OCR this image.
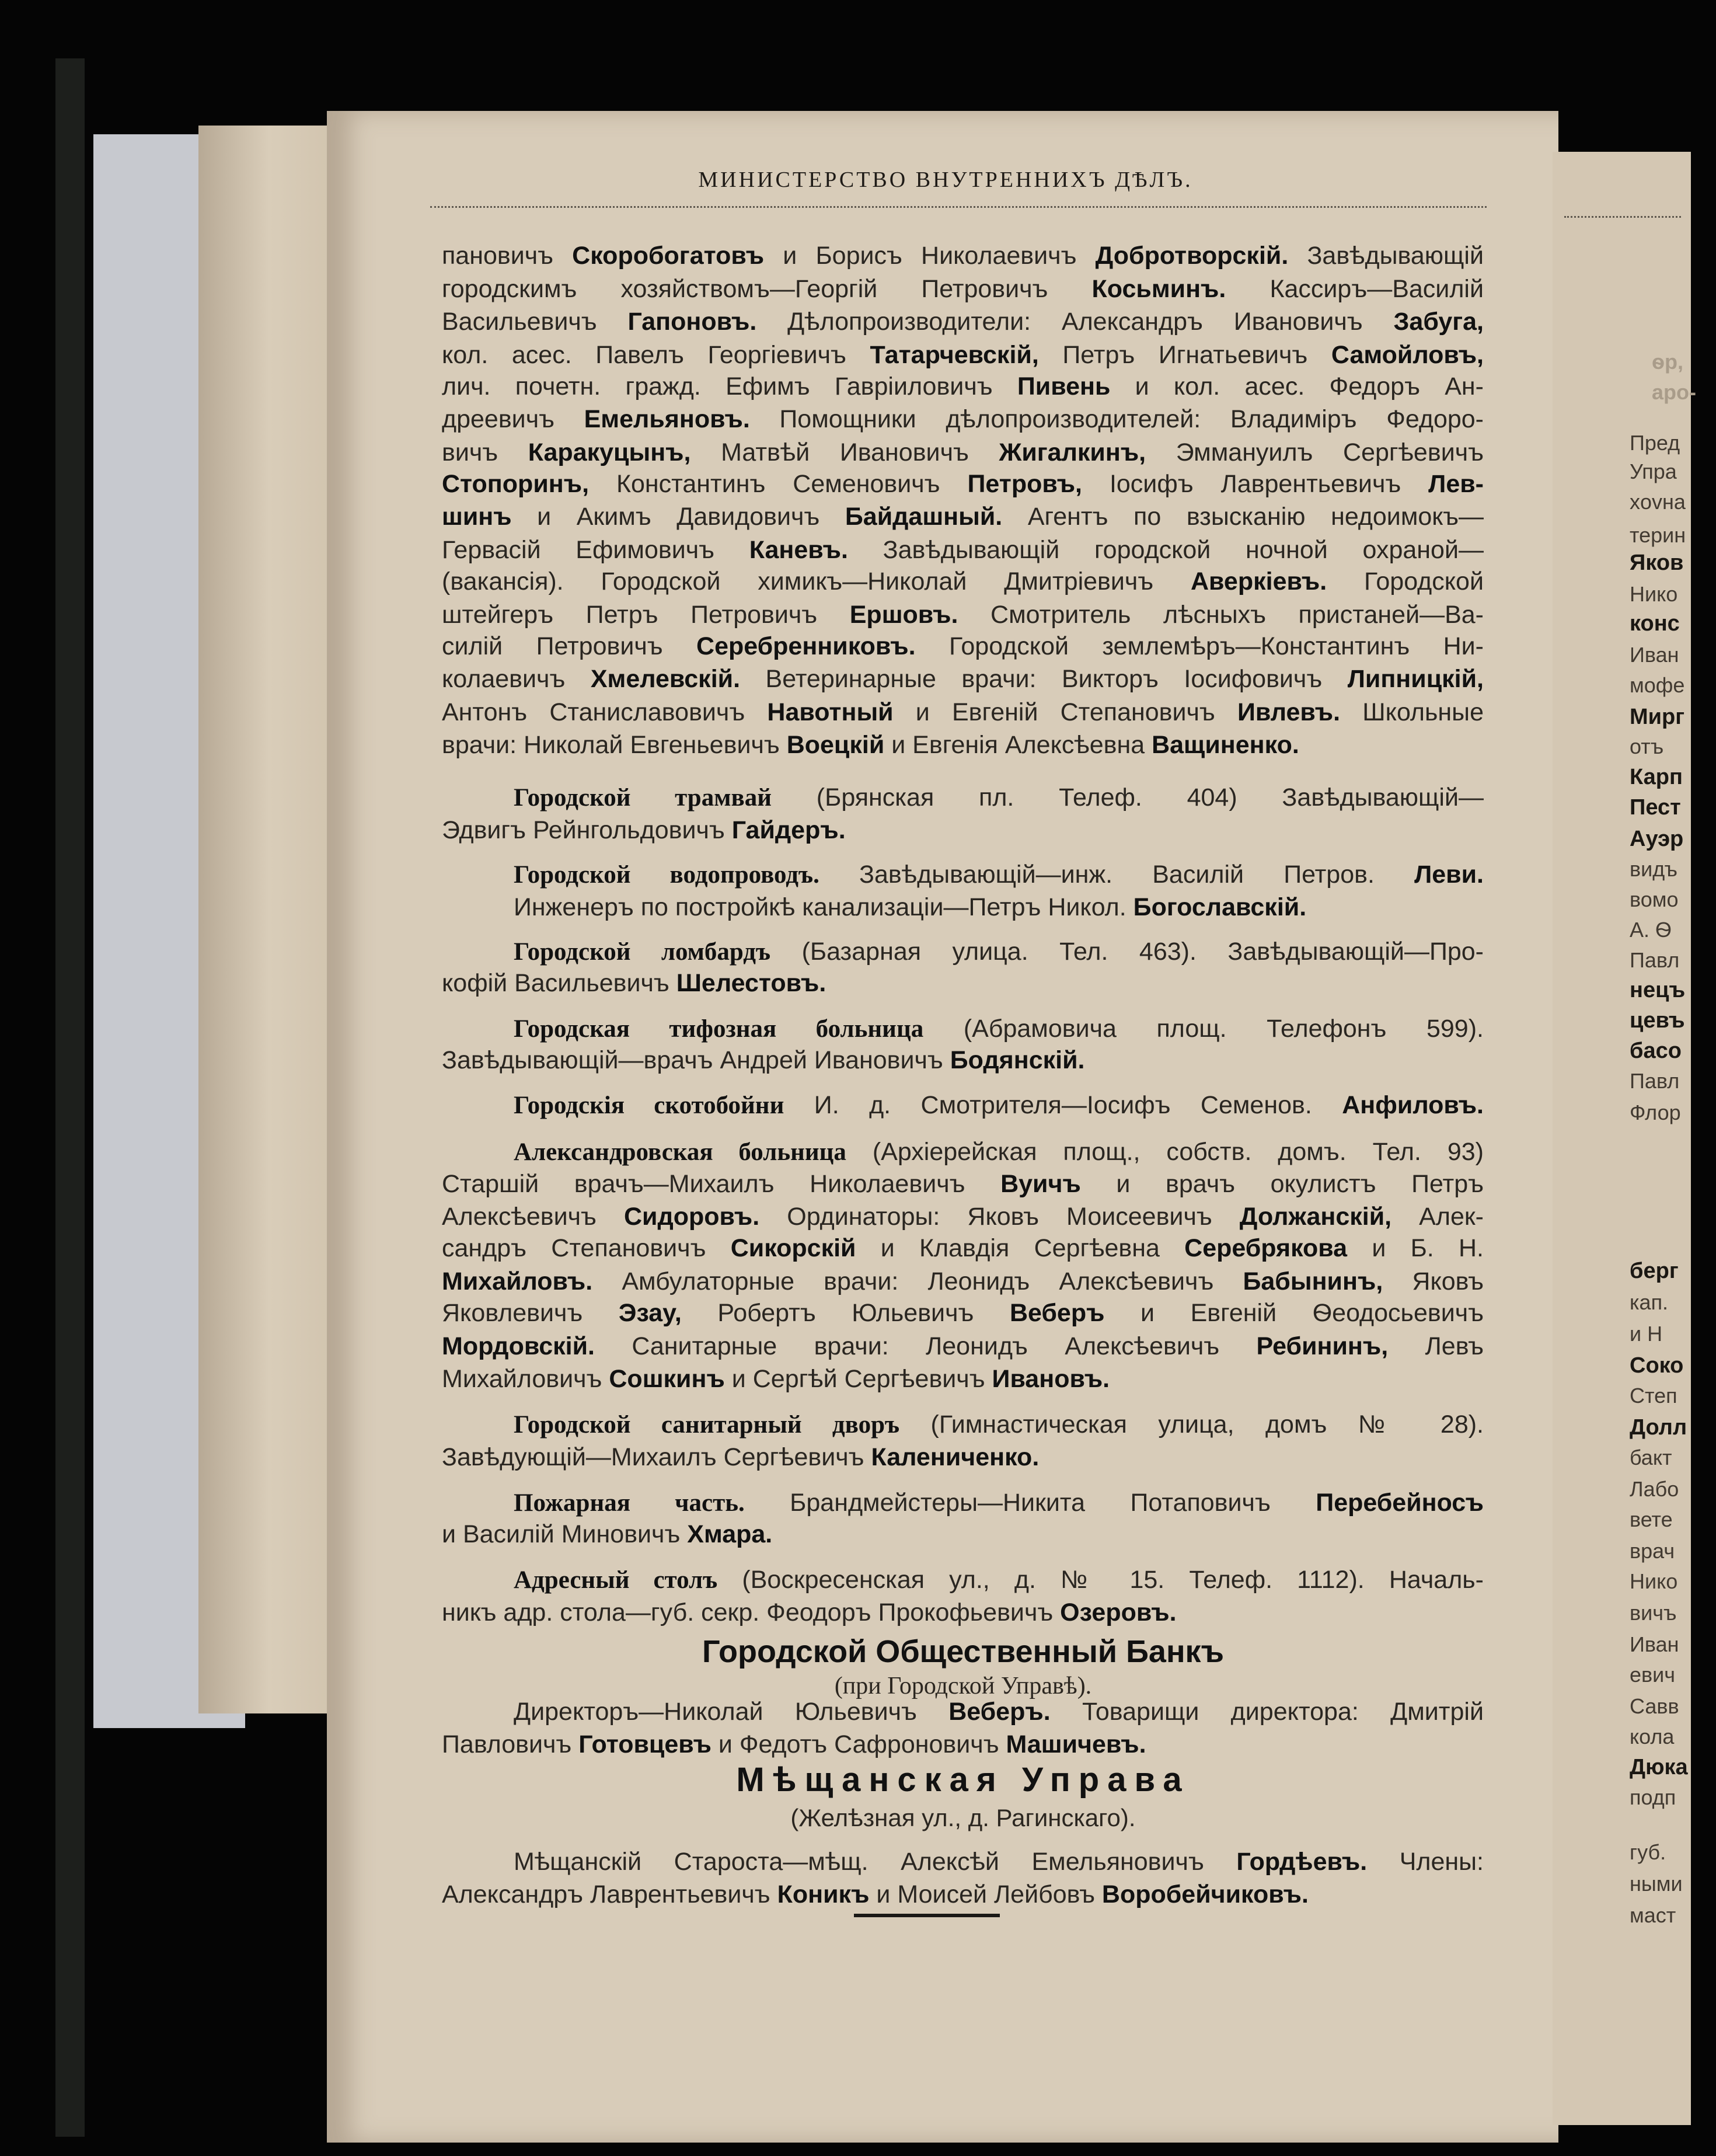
МИНИСТЕРСТВО ВНУТРЕННИХЪ ДѢЛЪ.
пановичъ Скоробогатовъ и Борисъ Николаевичъ Добротворскій. Завѣдывающій
городскимъ хозяйствомъ—Георгій Петровичъ Косьминъ. Кассиръ—Василій
Васильевичъ Гапоновъ. Дѣлопроизводители: Александръ Ивановичъ Забуга,
кол. асес. Павелъ Георгіевичъ Татарчевскій, Петръ Игнатьевичъ Самойловъ,
лич. почетн. гражд. Ефимъ Гавріиловичъ Пивень и кол. асес. Федоръ Ан-
дреевичъ Емельяновъ. Помощники дѣлопроизводителей: Владиміръ Федоро-
вичъ Каракуцынъ, Матвѣй Ивановичъ Жигалкинъ, Эммануилъ Сергѣевичъ
Стопоринъ, Константинъ Семеновичъ Петровъ, Іосифъ Лаврентьевичъ Лев-
шинъ и Акимъ Давидовичъ Байдашный. Агентъ по взысканію недоимокъ—
Гервасій Ефимовичъ Каневъ. Завѣдывающій городской ночной охраной—
(вакансія). Городской химикъ—Николай Дмитріевичъ Аверкіевъ. Городской
штейгеръ Петръ Петровичъ Ершовъ. Смотритель лѣсныхъ пристаней—Ва-
силій Петровичъ Серебренниковъ. Городской землемѣръ—Константинъ Ни-
колаевичъ Хмелевскій. Ветеринарные врачи: Викторъ Іосифовичъ Липницкій,
Антонъ Станиславовичъ Навотный и Евгеній Степановичъ Ивлевъ. Школьные
врачи: Николай Евгеньевичъ Воецкій и Евгенія Алексѣевна Ващиненко.
Городской трамвай (Брянская пл. Телеф. 404) Завѣдывающій—
Эдвигъ Рейнгольдовичъ Гайдеръ.
Городской водопроводъ. Завѣдывающій—инж. Василій Петров. Леви.
Инженеръ по постройкѣ канализаціи—Петръ Никол. Богославскій.
Городской ломбардъ (Базарная улица. Тел. 463). Завѣдывающій—Про-
кофій Васильевичъ Шелестовъ.
Городская тифозная больница (Абрамовича площ. Телефонъ 599).
Завѣдывающій—врачъ Андрей Ивановичъ Бодянскій.
Городскія скотобойни И. д. Смотрителя—Іосифъ Семенов. Анфиловъ.
Александровская больница (Архіерейская площ., собств. домъ. Тел. 93)
Старшій врачъ—Михаилъ Николаевичъ Вуичъ и врачъ окулистъ Петръ
Алексѣевичъ Сидоровъ. Ординаторы: Яковъ Моисеевичъ Должанскій, Алек-
сандръ Степановичъ Сикорскій и Клавдія Сергѣевна Серебрякова и Б. Н.
Михайловъ. Амбулаторные врачи: Леонидъ Алексѣевичъ Бабынинъ, Яковъ
Яковлевичъ Эзау, Робертъ Юльевичъ Веберъ и Евгеній Ѳеодосьевичъ
Мордовскій. Санитарные врачи: Леонидъ Алексѣевичъ Ребининъ, Левъ
Михайловичъ Сошкинъ и Сергѣй Сергѣевичъ Ивановъ.
Городской санитарный дворъ (Гимнастическая улица, домъ № 28).
Завѣдующій—Михаилъ Сергѣевичъ Калениченко.
Пожарная часть. Брандмейстеры—Никита Потаповичъ Перебейносъ
и Василій Миновичъ Хмара.
Адресный столъ (Воскресенская ул., д. № 15. Телеф. 1112). Началь-
никъ адр. стола—губ. секр. Феодоръ Прокофьевичъ Озеровъ.
Директоръ—Николай Юльевичъ Веберъ. Товарищи директора: Дмитрій
Павловичъ Готовцевъ и Федотъ Сафроновичъ Машичевъ.
Мѣщанскій Староста—мѣщ. Алексѣй Емельяновичъ Гордѣевъ. Члены:
Александръ Лаврентьевичъ Коникъ и Моисей Лейбовъ Воробейчиковъ.
Городской Общественный Банкъ
(при Городской Управѣ).
Мѣщанская Управа
(Желѣзная ул., д. Рагинскаго).
Пред
Упра
хovна
терин
Яков
Нико
конс
Иван
мофе
Мирг
отъ
Карп
Пест
Ауэр
видъ
вомо
А. Ѳ
Павл
нецъ
цевъ
басо
Павл
Флор
берг
кап.
и Н
Соко
Степ
Долл
бакт
Лабо
вете
врач
Нико
вичъ
Иван
евич
Савв
кола
Дюка
подп
губ.
ными
маст
ѳр,
аро-
